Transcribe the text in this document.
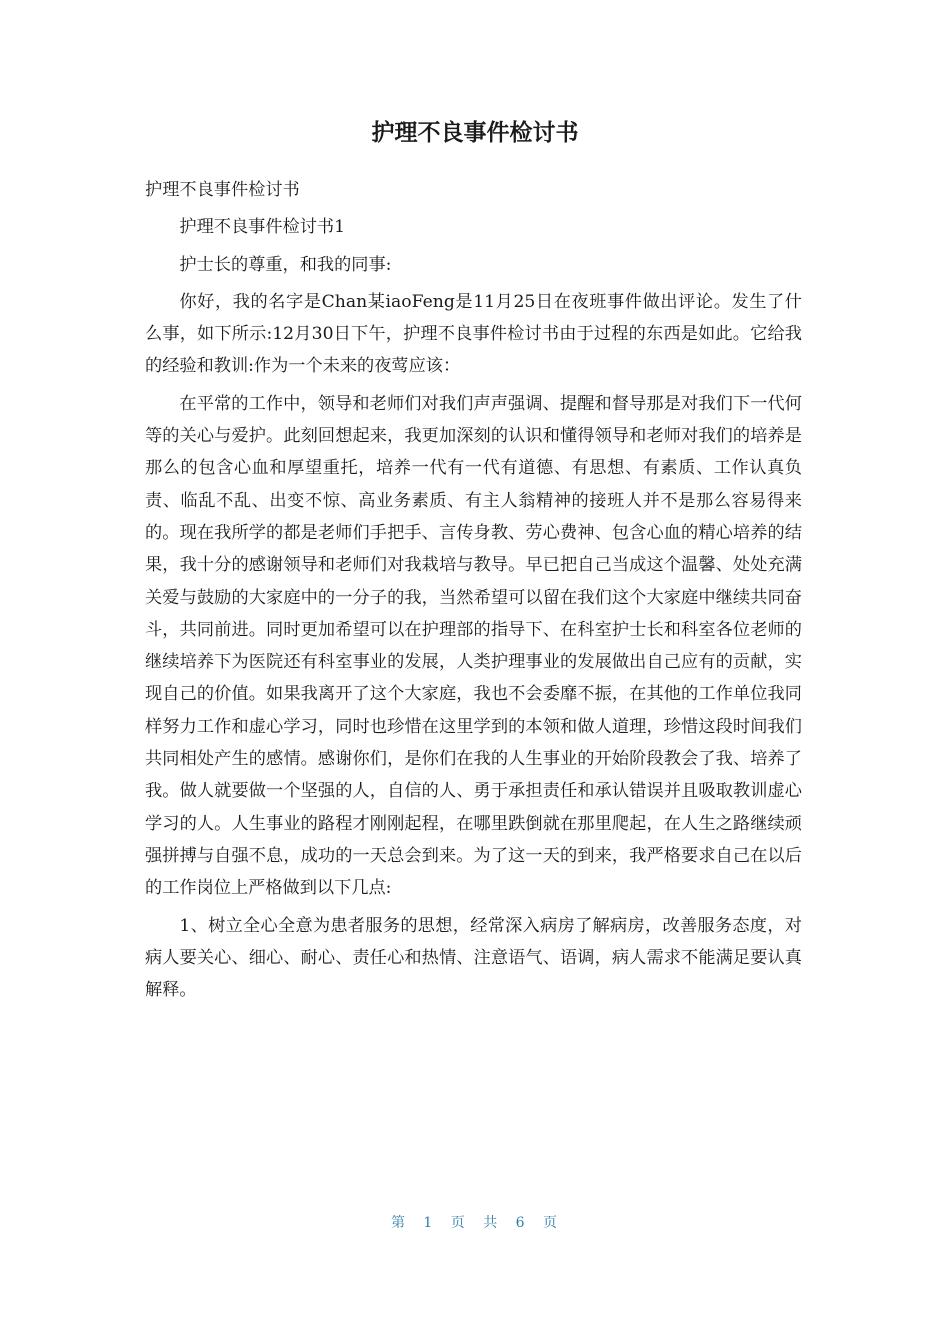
护理不良事件检讨书

护理不良事件检讨书

护理不良事件检讨书1

护士长的尊重，和我的同事:

你好，我的名字是Chan某iaoFeng是11月25日在夜班事件做出评论。发生了什么事，如下所示:12月30日下午，护理不良事件检讨书由于过程的东西是如此。它给我的经验和教训:作为一个未来的夜莺应该：

在平常的工作中，领导和老师们对我们声声强调、提醒和督导那是对我们下一代何等的关心与爱护。此刻回想起来，我更加深刻的认识和懂得领导和老师对我们的培养是那么的包含心血和厚望重托，培养一代有一代有道德、有思想、有素质、工作认真负责、临乱不乱、出变不惊、高业务素质、有主人翁精神的接班人并不是那么容易得来的。现在我所学的都是老师们手把手、言传身教、劳心费神、包含心血的精心培养的结果，我十分的感谢领导和老师们对我栽培与教导。早已把自己当成这个温馨、处处充满关爱与鼓励的大家庭中的一分子的我，当然希望可以留在我们这个大家庭中继续共同奋斗，共同前进。同时更加希望可以在护理部的指导下、在科室护士长和科室各位老师的继续培养下为医院还有科室事业的发展，人类护理事业的发展做出自己应有的贡献，实现自己的价值。如果我离开了这个大家庭，我也不会委靡不振，在其他的工作单位我同样努力工作和虚心学习，同时也珍惜在这里学到的本领和做人道理，珍惜这段时间我们共同相处产生的感情。感谢你们，是你们在我的人生事业的开始阶段教会了我、培养了我。做人就要做一个坚强的人，自信的人、勇于承担责任和承认错误并且吸取教训虚心学习的人。人生事业的路程才刚刚起程，在哪里跌倒就在那里爬起，在人生之路继续顽强拼搏与自强不息，成功的一天总会到来。为了这一天的到来，我严格要求自己在以后的工作岗位上严格做到以下几点:

1、树立全心全意为患者服务的思想，经常深入病房了解病房，改善服务态度，对病人要关心、细心、耐心、责任心和热情、注意语气、语调，病人需求不能满足要认真解释。

第 1 页 共 6 页
